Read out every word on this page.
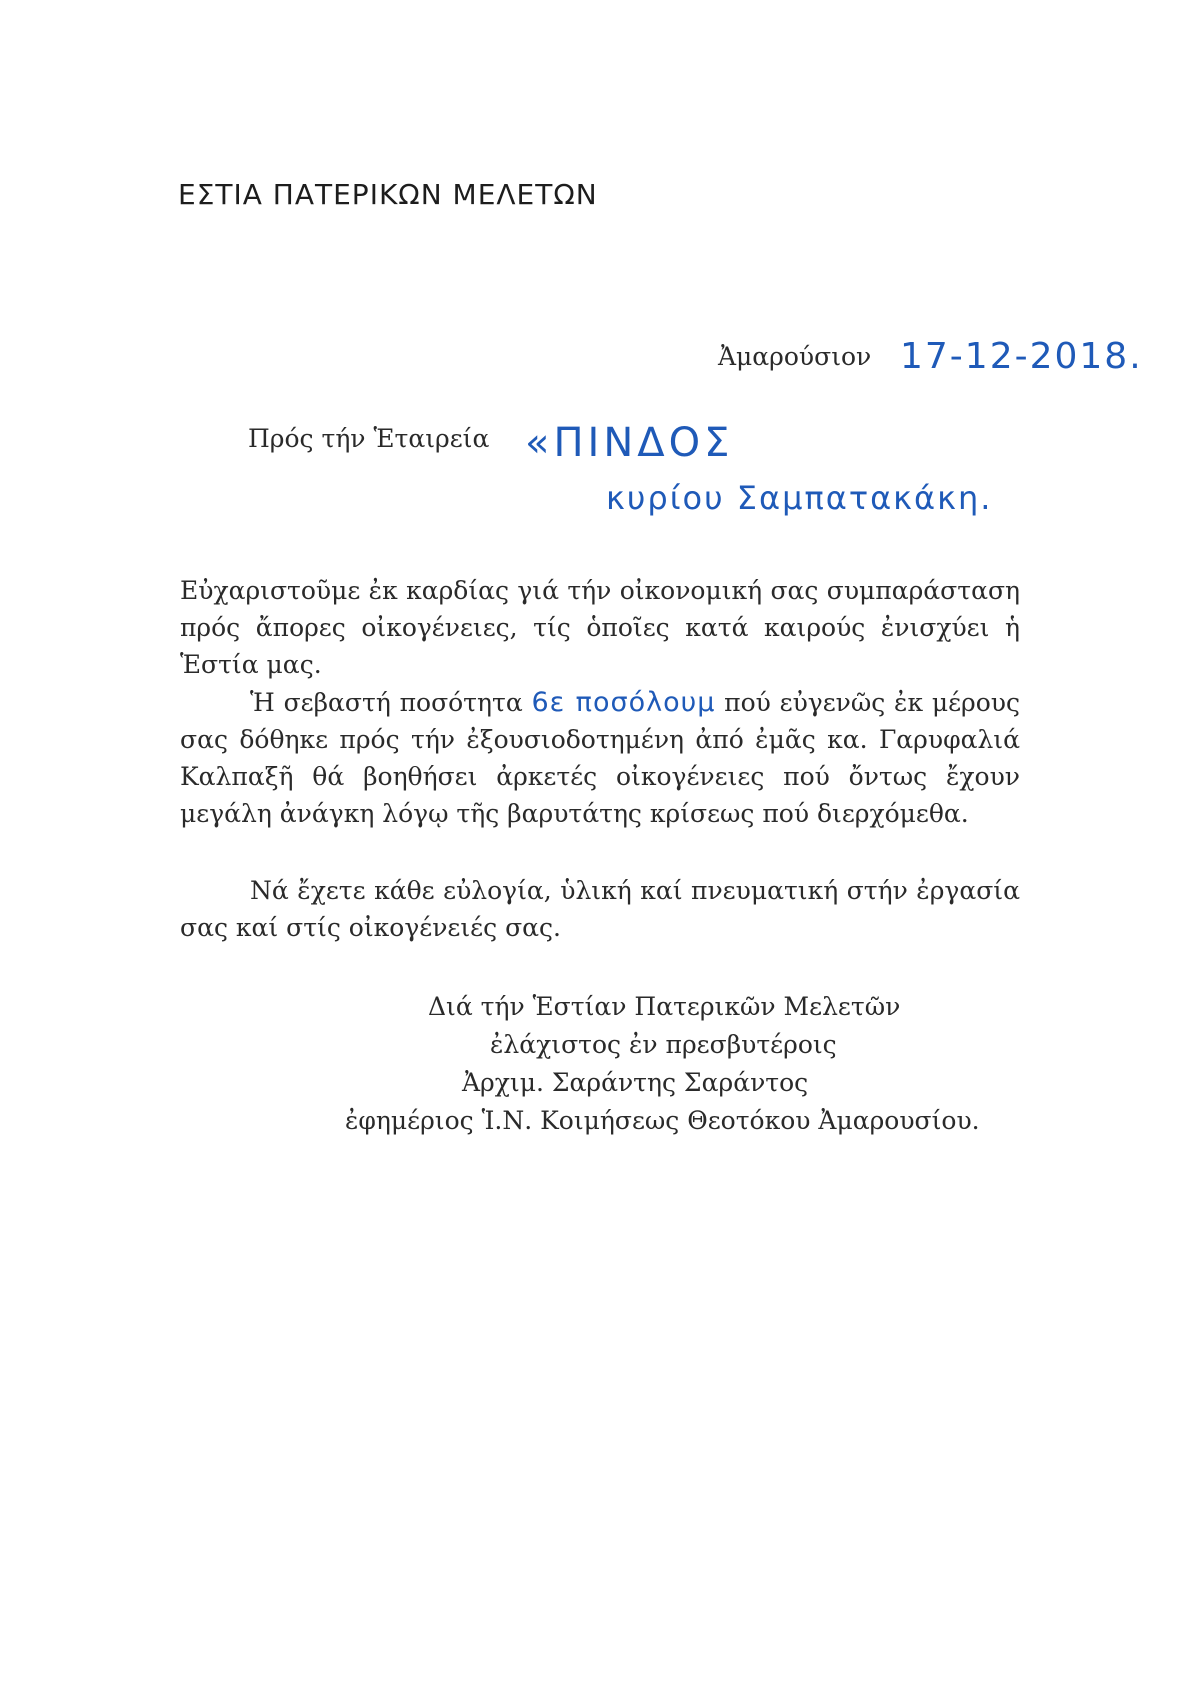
ΕΣΤΙΑ ΠΑΤΕΡΙΚΩΝ ΜΕΛΕΤΩΝ
Ἀμαρούσιον 17-12-2018.
Πρός τήν Ἑταιρεία «ΠΙΝΔΟΣ
κυρίου Σαμπατακάκη.
Εὐχαριστοῦμε ἐκ καρδίας γιά τήν οἰκονομική σας συμπαράσταση πρός ἄπορες οἰκογένειες, τίς ὁποῖες κατά καιρούς ἐνισχύει ἡ Ἑστία μας.
Ἡ σεβαστή ποσότητα 6ε ποσόλουμ πού εὐγενῶς ἐκ μέρους σας δόθηκε πρός τήν ἐξουσιοδοτημένη ἀπό ἐμᾶς κα. Γαρυφαλιά Καλπαξῆ θά βοηθήσει ἀρκετές οἰκογένειες πού ὄντως ἔχουν μεγάλη ἀνάγκη λόγῳ τῆς βαρυτάτης κρίσεως πού διερχόμεθα.
Νά ἔχετε κάθε εὐλογία, ὑλική καί πνευματική στήν ἐργασία σας καί στίς οἰκογένειές σας.
Διά τήν Ἑστίαν Πατερικῶν Μελετῶν
ἐλάχιστος ἐν πρεσβυτέροις
Ἀρχιμ. Σαράντης Σαράντος
ἐφημέριος Ἱ.Ν. Κοιμήσεως Θεοτόκου Ἀμαρουσίου.
